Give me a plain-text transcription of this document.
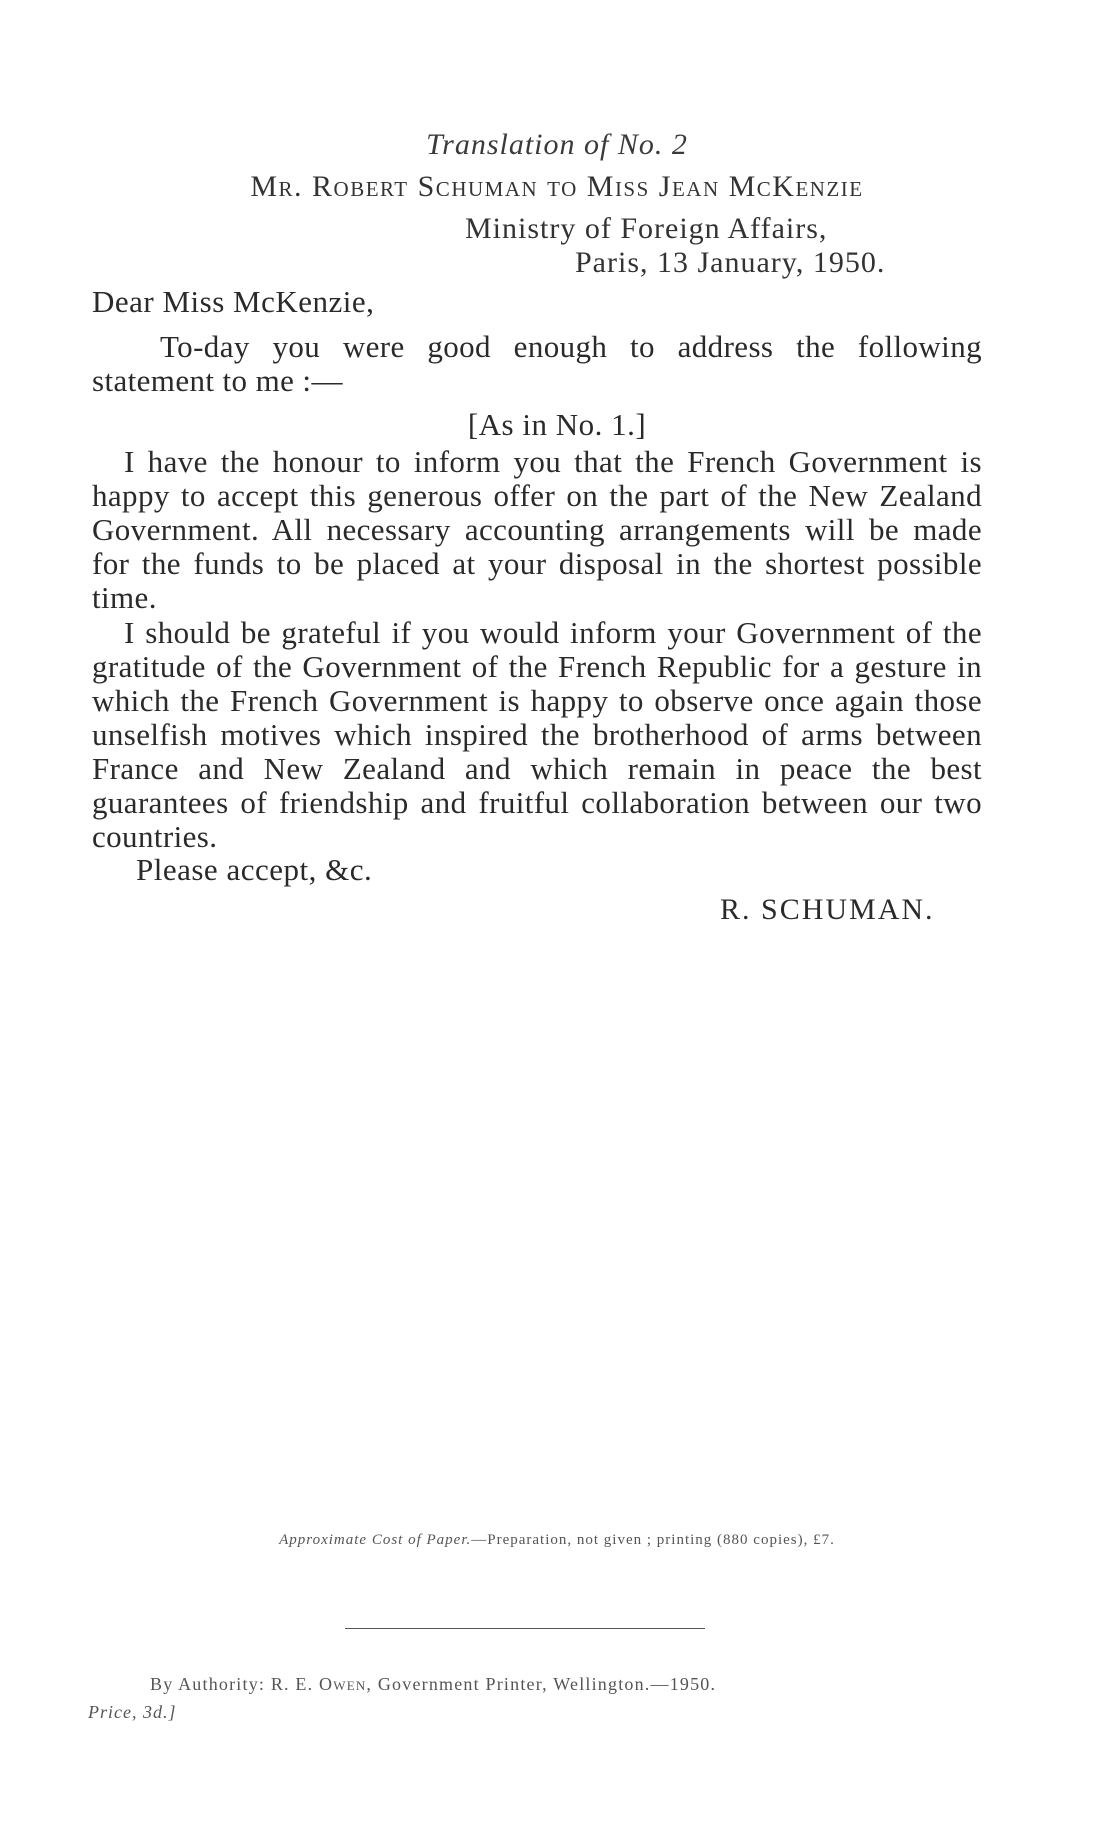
Translation of No. 2
Mr. Robert Schuman to Miss Jean McKenzie
Ministry of Foreign Affairs,
Paris, 13 January, 1950.
Dear Miss McKenzie,
To-day you were good enough to address the following statement to me :—
[As in No. 1.]
I have the honour to inform you that the French Government is happy to accept this generous offer on the part of the New Zealand Government. All necessary accounting arrangements will be made for the funds to be placed at your disposal in the shortest possible time.
I should be grateful if you would inform your Government of the gratitude of the Government of the French Republic for a gesture in which the French Government is happy to observe once again those unselfish motives which inspired the brotherhood of arms between France and New Zealand and which remain in peace the best guarantees of friendship and fruitful collaboration between our two countries.
Please accept, &c.
R. SCHUMAN.
Approximate Cost of Paper.—Preparation, not given ; printing (880 copies), £7.
By Authority: R. E. Owen, Government Printer, Wellington.—1950.
Price, 3d.]
